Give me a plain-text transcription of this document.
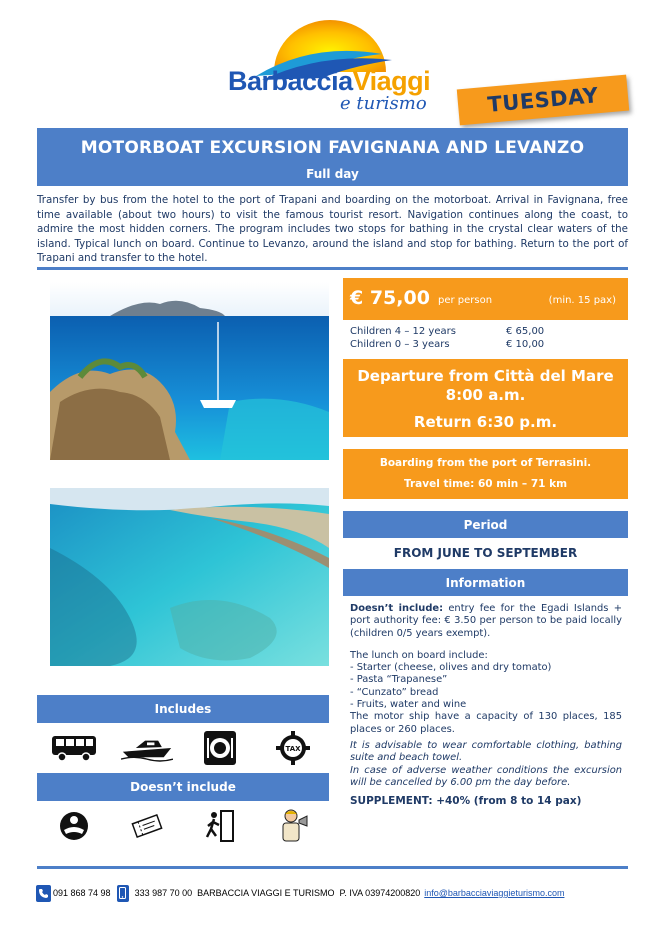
BarbacciaViaggi
e turismo	TUESDAY
MOTORBOAT EXCURSION FAVIGNANA AND LEVANZO
Full day

Transfer by bus from the hotel to the port of Trapani and boarding on the motorboat. Arrival in Favignana, free time available (about two hours) to visit the famous tourist resort. Navigation continues along the coast, to admire the most hidden corners. The program includes two stops for bathing in the crystal clear waters of the island. Typical lunch on board. Continue to Levanzo, around the island and stop for bathing. Return to the port of Trapani and transfer to the hotel.

Includes
TAX
Doesn’t include
€ 75,00 per person	(min. 15 pax)
Children 4 – 12 years	€ 65,00
Children 0 – 3 years	€ 10,00
Departure from Città del Mare
8:00 a.m.
Return 6:30 p.m.
Boarding from the port of Terrasini.
Travel time: 60 min – 71 km
Period
FROM JUNE TO SEPTEMBER
Information
Doesn’t include: entry fee for the Egadi Islands + port authority fee: € 3.50 per person to be paid locally (children 0/5 years exempt).
The lunch on board include:
- Starter (cheese, olives and dry tomato)
- Pasta “Trapanese”
- “Cunzato” bread
- Fruits, water and wine
The motor ship have a capacity of 130 places, 185 places or 260 places.
It is advisable to wear comfortable clothing, bathing suite and beach towel.
In case of adverse weather conditions the excursion will be cancelled by 6.00 pm the day before.
SUPPLEMENT: +40% (from 8 to 14 pax)
091 868 74 98	333 987 70 00 BARBACCIA VIAGGI E TURISMO P. IVA 03974200820 info@barbacciaviaggieturismo.com
